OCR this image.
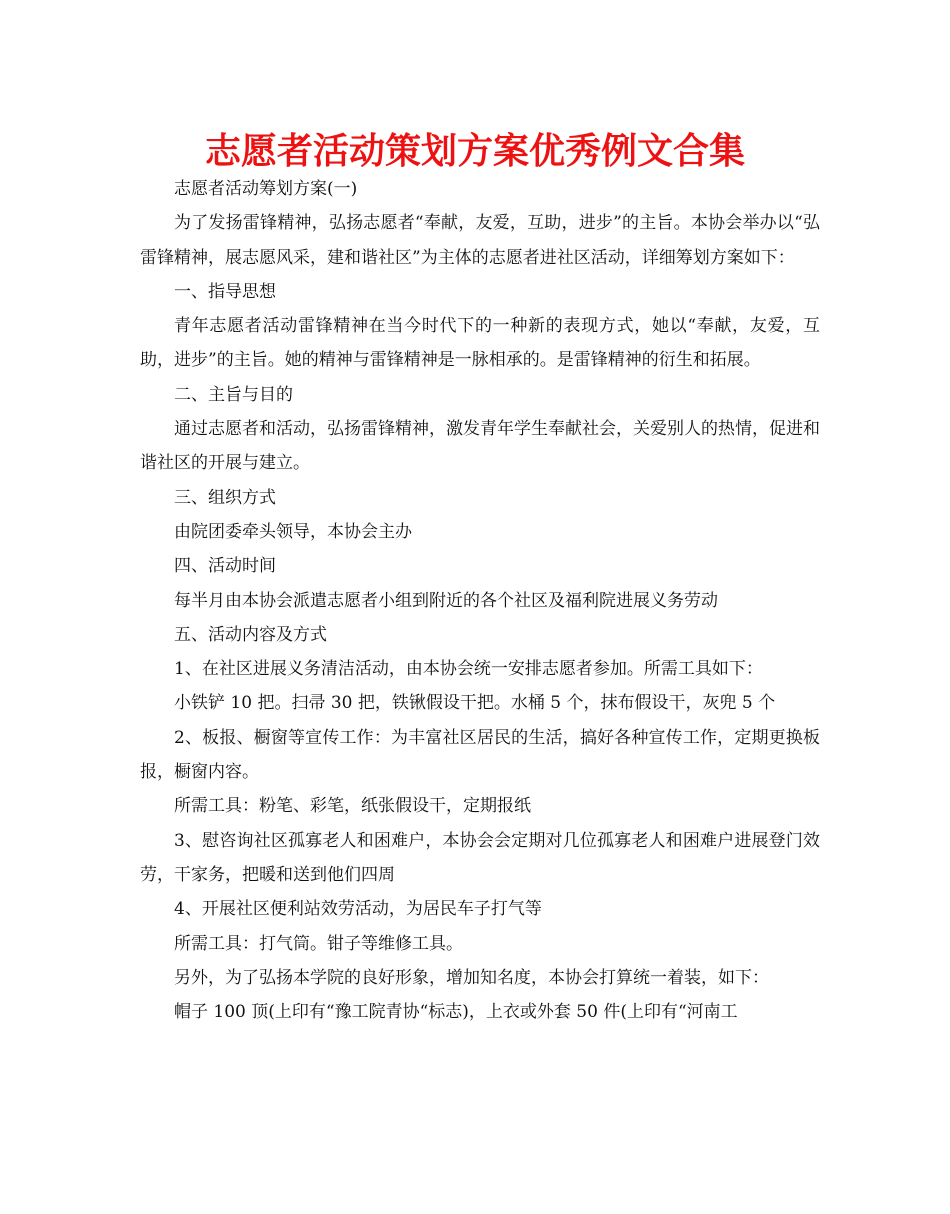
志愿者活动策划方案优秀例文合集

志愿者活动筹划方案(一)

为了发扬雷锋精神，弘扬志愿者“奉献，友爱，互助，进步”的主旨。本协会举办以“弘雷锋精神，展志愿风采，建和谐社区”为主体的志愿者进社区活动，详细筹划方案如下：

一、指导思想

青年志愿者活动雷锋精神在当今时代下的一种新的表现方式，她以“奉献，友爱，互助，进步”的主旨。她的精神与雷锋精神是一脉相承的。是雷锋精神的衍生和拓展。

二、主旨与目的

通过志愿者和活动，弘扬雷锋精神，激发青年学生奉献社会，关爱别人的热情，促进和谐社区的开展与建立。

三、组织方式

由院团委牵头领导，本协会主办

四、活动时间

每半月由本协会派遣志愿者小组到附近的各个社区及福利院进展义务劳动

五、活动内容及方式

1、在社区进展义务清洁活动，由本协会统一安排志愿者参加。所需工具如下：

小铁铲 10 把。扫帚 30 把，铁锹假设干把。水桶 5 个，抹布假设干，灰兜 5 个

2、板报、橱窗等宣传工作：为丰富社区居民的生活，搞好各种宣传工作，定期更换板报，橱窗内容。

所需工具：粉笔、彩笔，纸张假设干，定期报纸

3、慰咨询社区孤寡老人和困难户，本协会会定期对几位孤寡老人和困难户进展登门效劳，干家务，把暖和送到他们四周

4、开展社区便利站效劳活动，为居民车子打气等

所需工具：打气筒。钳子等维修工具。

另外，为了弘扬本学院的良好形象，增加知名度，本协会打算统一着装，如下：

帽子 100 顶(上印有“豫工院青协“标志)，上衣或外套 50 件(上印有“河南工
